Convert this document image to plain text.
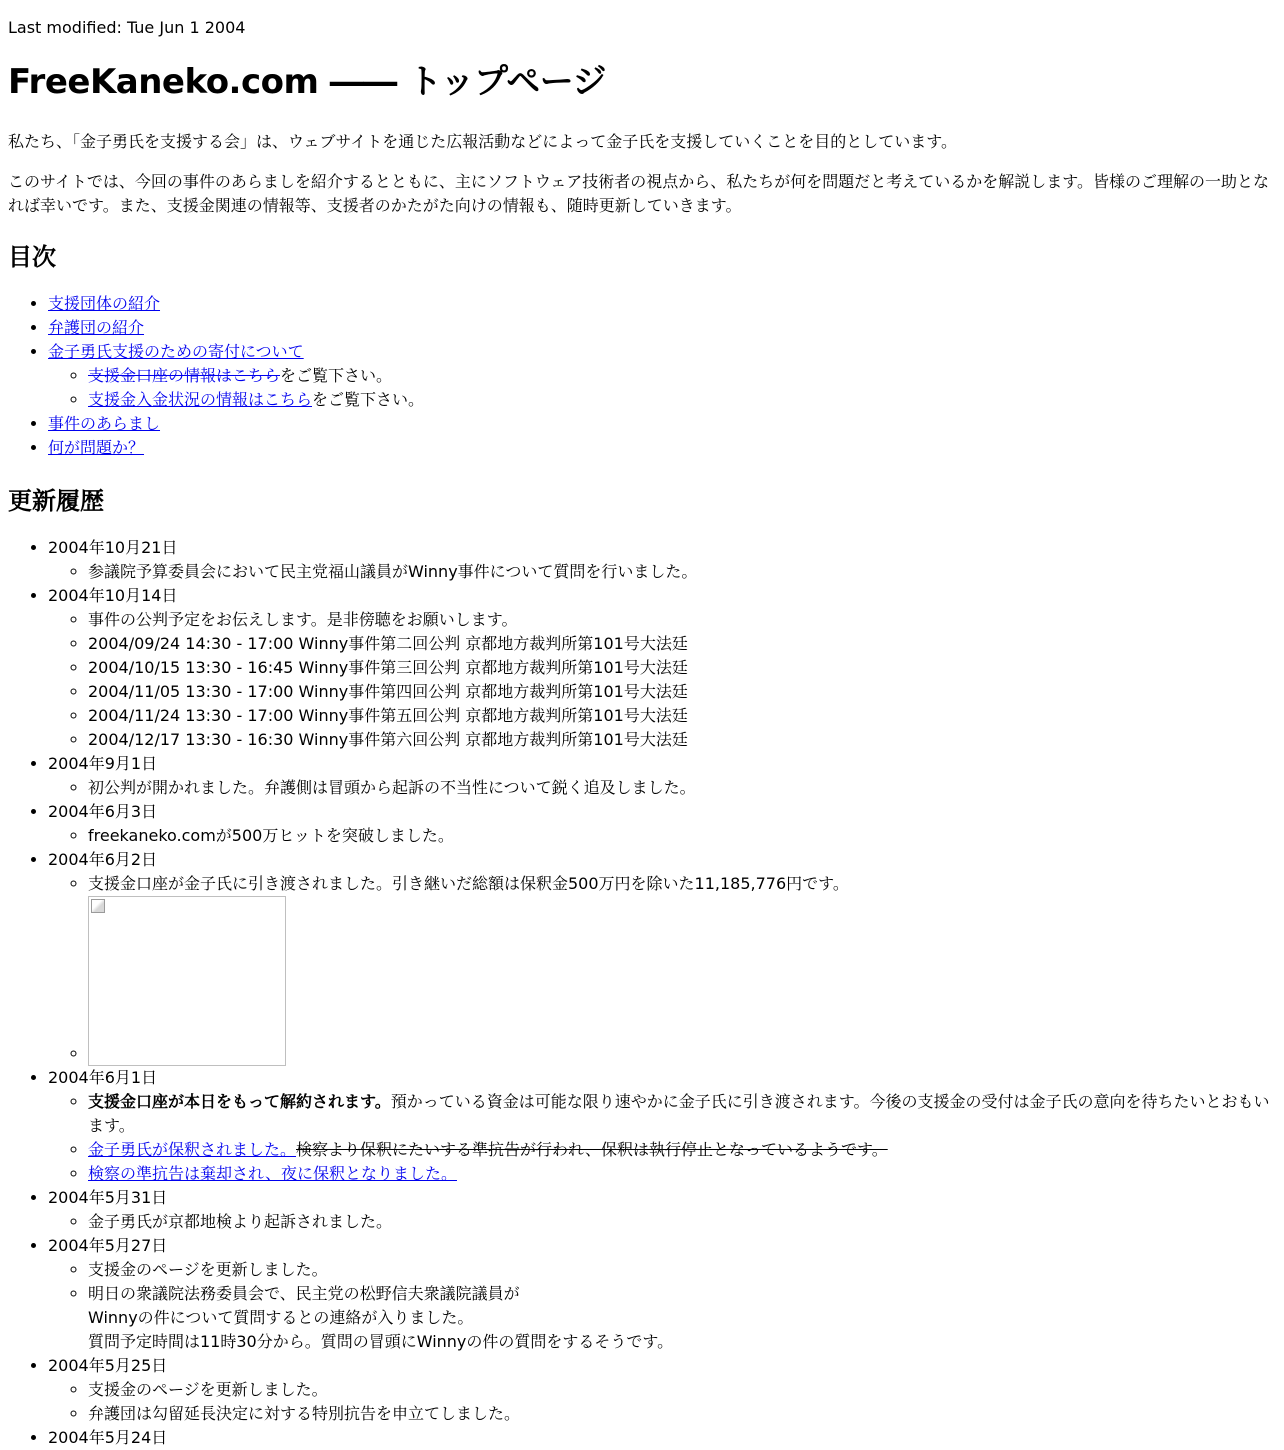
Last modified: Tue Jun 1 2004

FreeKaneko.com ―― トップページ

私たち、「金子勇氏を支援する会」は、ウェブサイトを通じた広報活動などによって金子氏を支援していくことを目的としています。

このサイトでは、今回の事件のあらましを紹介するとともに、主にソフトウェア技術者の視点から、私たちが何を問題だと考えているかを解説します。皆様のご理解の一助となれば幸いです。また、支援金関連の情報等、支援者のかたがた向けの情報も、随時更新していきます。

目次
• 支援団体の紹介
• 弁護団の紹介
• 金子勇氏支援のための寄付について
◦ 支援金口座の情報はこちらをご覧下さい。
◦ 支援金入金状況の情報はこちらをご覧下さい。
• 事件のあらまし
• 何が問題か？
更新履歴
• 2004年10月21日
◦ 参議院予算委員会において民主党福山議員がWinny事件について質問を行いました。
• 2004年10月14日
◦ 事件の公判予定をお伝えします。是非傍聴をお願いします。
◦ 2004/09/24 14:30 - 17:00 Winny事件第二回公判 京都地方裁判所第101号大法廷
◦ 2004/10/15 13:30 - 16:45 Winny事件第三回公判 京都地方裁判所第101号大法廷
◦ 2004/11/05 13:30 - 17:00 Winny事件第四回公判 京都地方裁判所第101号大法廷
◦ 2004/11/24 13:30 - 17:00 Winny事件第五回公判 京都地方裁判所第101号大法廷
◦ 2004/12/17 13:30 - 16:30 Winny事件第六回公判 京都地方裁判所第101号大法廷
• 2004年9月1日
◦ 初公判が開かれました。弁護側は冒頭から起訴の不当性について鋭く追及しました。
• 2004年6月3日
◦ freekaneko.comが500万ヒットを突破しました。
• 2004年6月2日
◦ 支援金口座が金子氏に引き渡されました。引き継いだ総額は保釈金500万円を除いた11,185,776円です。
◦
• 2004年6月1日
◦ 支援金口座が本日をもって解約されます。預かっている資金は可能な限り速やかに金子氏に引き渡されます。今後の支援金の受付は金子氏の意向を待ちたいとおもいます。
◦ 金子勇氏が保釈されました。検察より保釈にたいする準抗告が行われ、保釈は執行停止となっているようです。
◦ 検察の準抗告は棄却され、夜に保釈となりました。
• 2004年5月31日
◦ 金子勇氏が京都地検より起訴されました。
• 2004年5月27日
◦ 支援金のページを更新しました。
◦ 明日の衆議院法務委員会で、民主党の松野信夫衆議院議員が
Winnyの件について質問するとの連絡が入りました。
質問予定時間は11時30分から。質問の冒頭にWinnyの件の質問をするそうです。
• 2004年5月25日
◦ 支援金のページを更新しました。
◦ 弁護団は勾留延長決定に対する特別抗告を申立てしました。
• 2004年5月24日
